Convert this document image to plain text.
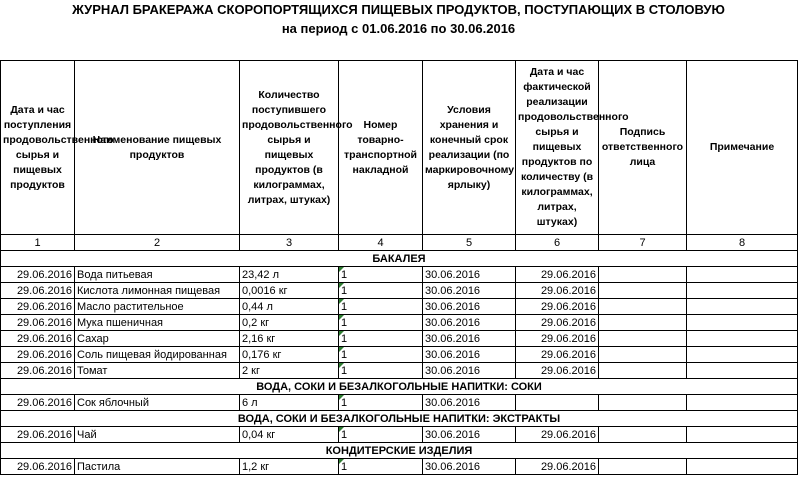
ЖУРНАЛ БРАКЕРАЖА СКОРОПОРТЯЩИХСЯ ПИЩЕВЫХ ПРОДУКТОВ, ПОСТУПАЮЩИХ В СТОЛОВУЮ
на период с 01.06.2016 по 30.06.2016
Дата и час поступления продовольственного сырья и пищевых продуктов	Наименование пищевых продуктов	Количество поступившего продовольственного сырья и пищевых продуктов (в килограммах, литрах, штуках)	Номер товарно-транспортной накладной	Условия хранения и конечный срок реализации (по маркировочному ярлыку)	Дата и час фактической реализации продовольственного сырья и пищевых продуктов по количеству (в килограммах, литрах, штуках)	Подпись ответственного лица	Примечание
1	2	3	4	5	6	7	8
БАКАЛЕЯ							
29.06.2016	Вода питьевая	23,42 л	1	30.06.2016	29.06.2016		
29.06.2016	Кислота лимонная пищевая	0,0016 кг	1	30.06.2016	29.06.2016		
29.06.2016	Масло растительное	0,44 л	1	30.06.2016	29.06.2016		
29.06.2016	Мука пшеничная	0,2 кг	1	30.06.2016	29.06.2016		
29.06.2016	Сахар	2,16 кг	1	30.06.2016	29.06.2016		
29.06.2016	Соль пищевая йодированная	0,176 кг	1	30.06.2016	29.06.2016		
29.06.2016	Томат	2 кг	1	30.06.2016	29.06.2016		
ВОДА, СОКИ И БЕЗАЛКОГОЛЬНЫЕ НАПИТКИ: СОКИ							
29.06.2016	Сок яблочный	6 л	1	30.06.2016			
ВОДА, СОКИ И БЕЗАЛКОГОЛЬНЫЕ НАПИТКИ: ЭКСТРАКТЫ							
29.06.2016	Чай	0,04 кг	1	30.06.2016	29.06.2016		
КОНДИТЕРСКИЕ ИЗДЕЛИЯ							
29.06.2016	Пастила	1,2 кг	1	30.06.2016	29.06.2016		
